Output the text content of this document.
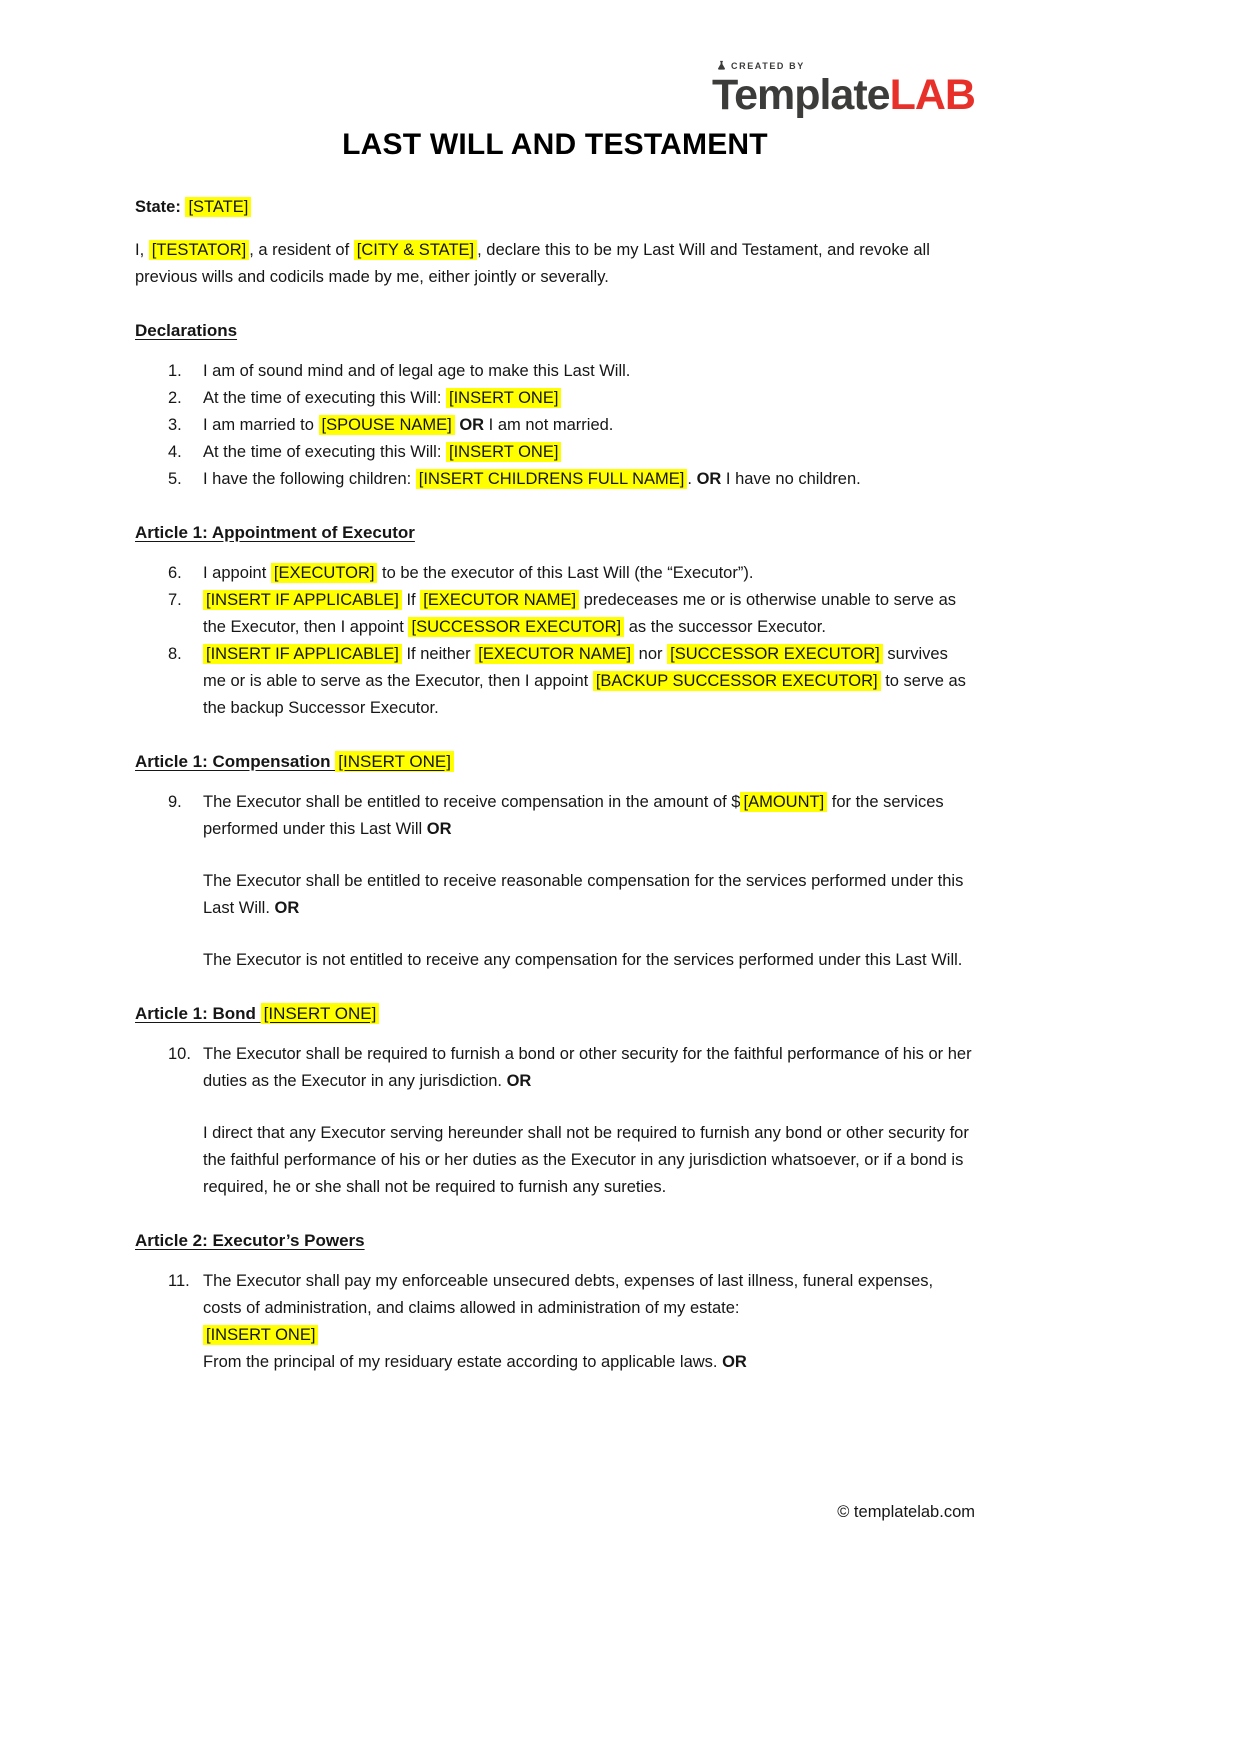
CREATED BY
TemplateLAB
LAST WILL AND TESTAMENT
State: [STATE]
I, [TESTATOR] , a resident of [CITY & STATE] , declare this to be my Last Will and Testament, and revoke all previous wills and codicils made by me, either jointly or severally.
Declarations
1.	I am of sound mind and of legal age to make this Last Will.
2.	At the time of executing this Will: [INSERT ONE]
3.	I am married to [SPOUSE NAME] OR I am not married.
4.	At the time of executing this Will: [INSERT ONE]
5.	I have the following children: [INSERT CHILDRENS FULL NAME] . OR I have no children.
Article 1: Appointment of Executor
6.	I appoint [EXECUTOR] to be the executor of this Last Will (the “Executor”).
7.	[INSERT IF APPLICABLE] If [EXECUTOR NAME] predeceases me or is otherwise unable to serve as the Executor, then I appoint [SUCCESSOR EXECUTOR] as the successor Executor.
8.	[INSERT IF APPLICABLE] If neither [EXECUTOR NAME] nor [SUCCESSOR EXECUTOR] survives me or is able to serve as the Executor, then I appoint [BACKUP SUCCESSOR EXECUTOR] to serve as the backup Successor Executor.
Article 1: Compensation [INSERT ONE]
9.	The Executor shall be entitled to receive compensation in the amount of $ [AMOUNT] for the services performed under this Last Will OR
The Executor shall be entitled to receive reasonable compensation for the services performed under this Last Will. OR
The Executor is not entitled to receive any compensation for the services performed under this Last Will.
Article 1: Bond [INSERT ONE]
10. The Executor shall be required to furnish a bond or other security for the faithful performance of his or her duties as the Executor in any jurisdiction. OR
I direct that any Executor serving hereunder shall not be required to furnish any bond or other security for the faithful performance of his or her duties as the Executor in any jurisdiction whatsoever, or if a bond is required, he or she shall not be required to furnish any sureties.
Article 2: Executor’s Powers
11. The Executor shall pay my enforceable unsecured debts, expenses of last illness, funeral expenses, costs of administration, and claims allowed in administration of my estate:
[INSERT ONE]
From the principal of my residuary estate according to applicable laws. OR
© templatelab.com
